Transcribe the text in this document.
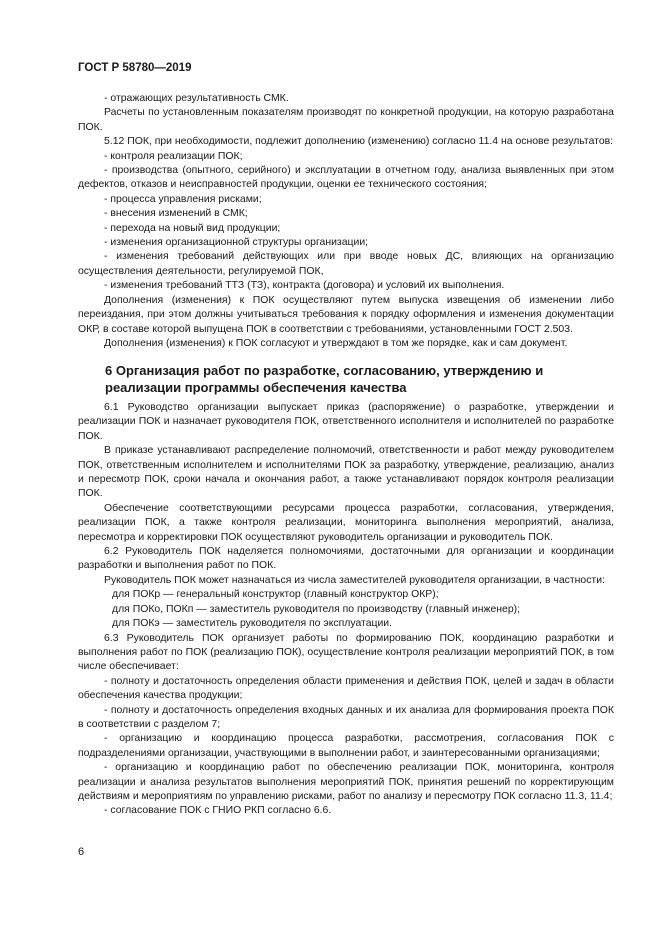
ГОСТ Р 58780—2019

- отражающих результативность СМК.

Расчеты по установленным показателям производят по конкретной продукции, на которую разработана ПОК.

5.12 ПОК, при необходимости, подлежит дополнению (изменению) согласно 11.4 на основе результатов:

- контроля реализации ПОК;

- производства (опытного, серийного) и эксплуатации в отчетном году, анализа выявленных при этом дефектов, отказов и неисправностей продукции, оценки ее технического состояния;

- процесса управления рисками;

- внесения изменений в СМК;

- перехода на новый вид продукции;

- изменения организационной структуры организации;

- изменения требований действующих или при вводе новых ДС, влияющих на организацию осуществления деятельности, регулируемой ПОК,

- изменения требований ТТЗ (ТЗ), контракта (договора) и условий их выполнения.

Дополнения (изменения) к ПОК осуществляют путем выпуска извещения об изменении либо переиздания, при этом должны учитываться требования к порядку оформления и изменения документации ОКР, в составе которой выпущена ПОК в соответствии с требованиями, установленными ГОСТ 2.503.

Дополнения (изменения) к ПОК согласуют и утверждают в том же порядке, как и сам документ.

6 Организация работ по разработке, согласованию, утверждению и реализации программы обеспечения качества

6.1 Руководство организации выпускает приказ (распоряжение) о разработке, утверждении и реализации ПОК и назначает руководителя ПОК, ответственного исполнителя и исполнителей по разработке ПОК.

В приказе устанавливают распределение полномочий, ответственности и работ между руководителем ПОК, ответственным исполнителем и исполнителями ПОК за разработку, утверждение, реализацию, анализ и пересмотр ПОК, сроки начала и окончания работ, а также устанавливают порядок контроля реализации ПОК.

Обеспечение соответствующими ресурсами процесса разработки, согласования, утверждения, реализации ПОК, а также контроля реализации, мониторинга выполнения мероприятий, анализа, пересмотра и корректировки ПОК осуществляют руководитель организации и руководитель ПОК.

6.2 Руководитель ПОК наделяется полномочиями, достаточными для организации и координации разработки и выполнения работ по ПОК.

Руководитель ПОК может назначаться из числа заместителей руководителя организации, в частности:

для ПОКр — генеральный конструктор (главный конструктор ОКР);

для ПОКо, ПОКп — заместитель руководителя по производству (главный инженер);

для ПОКэ — заместитель руководителя по эксплуатации.

6.3 Руководитель ПОК организует работы по формированию ПОК, координацию разработки и выполнения работ по ПОК (реализацию ПОК), осуществление контроля реализации мероприятий ПОК, в том числе обеспечивает:

- полноту и достаточность определения области применения и действия ПОК, целей и задач в области обеспечения качества продукции;

- полноту и достаточность определения входных данных и их анализа для формирования проекта ПОК в соответствии с разделом 7;

- организацию и координацию процесса разработки, рассмотрения, согласования ПОК с подразделениями организации, участвующими в выполнении работ, и заинтересованными организациями;

- организацию и координацию работ по обеспечению реализации ПОК, мониторинга, контроля реализации и анализа результатов выполнения мероприятий ПОК, принятия решений по корректирующим действиям и мероприятиям по управлению рисками, работ по анализу и пересмотру ПОК согласно 11.3, 11.4;

- согласование ПОК с ГНИО РКП согласно 6.6.

6
